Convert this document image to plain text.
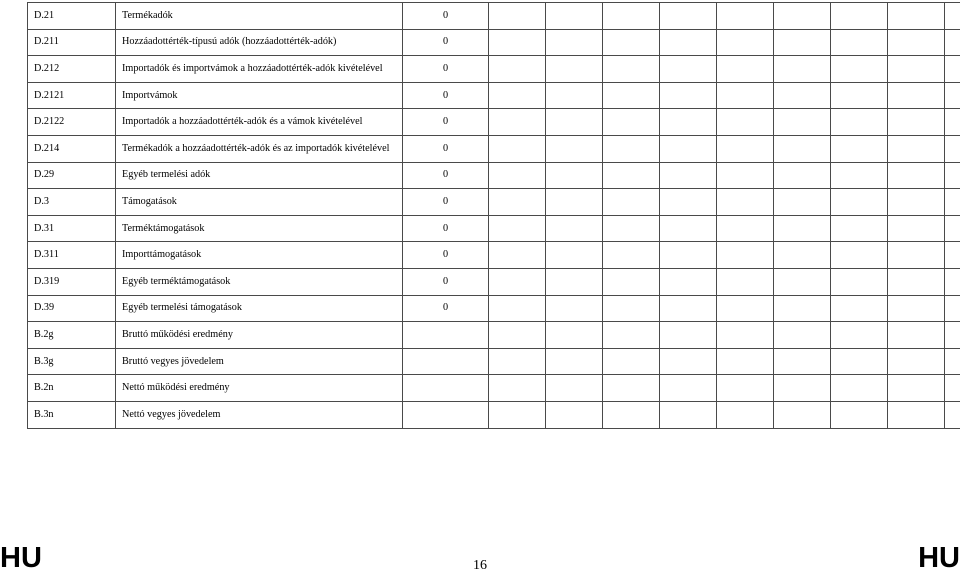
D.21	Termékadók	0									
D.211	Hozzáadottérték-típusú adók (hozzáadottérték-adók)	0									
D.212	Importadók és importvámok a hozzáadottérték-adók kivételével	0									
D.2121	Importvámok	0									
D.2122	Importadók a hozzáadottérték-adók és a vámok kivételével	0									
D.214	Termékadók a hozzáadottérték-adók és az importadók kivételével	0									
D.29	Egyéb termelési adók	0									
D.3	Támogatások	0									
D.31	Terméktámogatások	0									
D.311	Importtámogatások	0									
D.319	Egyéb terméktámogatások	0									
D.39	Egyéb termelési támogatások	0									
B.2g	Bruttó működési eredmény										
B.3g	Bruttó vegyes jövedelem										
B.2n	Nettó működési eredmény										
B.3n	Nettó vegyes jövedelem										
HU	16	HU
